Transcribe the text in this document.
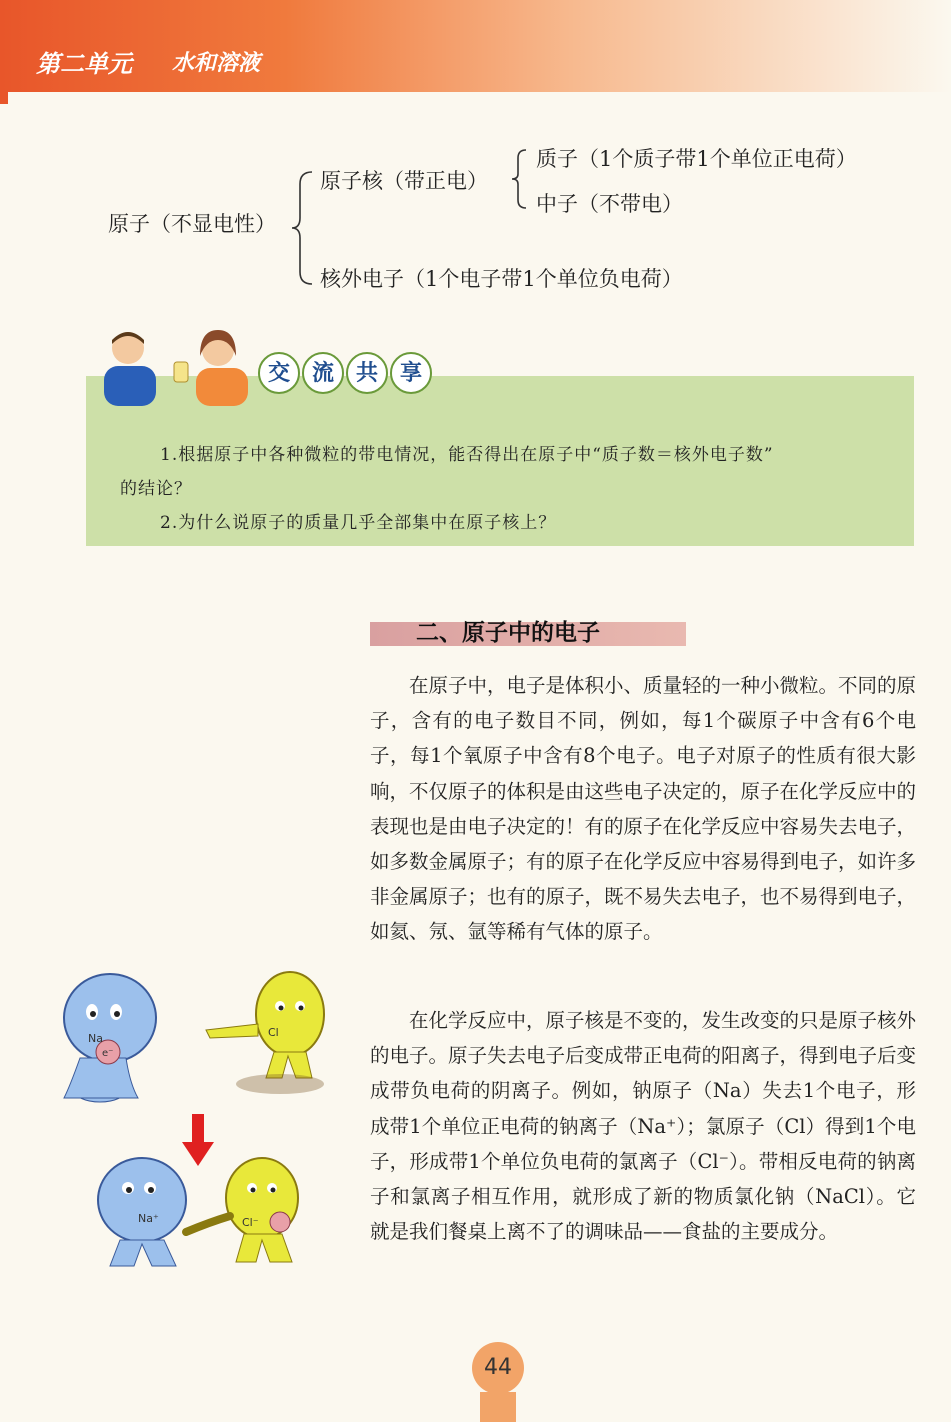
第二单元 水和溶液
原子（不显电性）
原子核（带正电）
质子（1个质子带1个单位正电荷）
中子（不带电）
核外电子（1个电子带1个单位负电荷）
1.根据原子中各种微粒的带电情况，能否得出在原子中“质子数＝核外电子数”
的结论？
2.为什么说原子的质量几乎全部集中在原子核上？
交 流 共 享
二、原子中的电子
在原子中，电子是体积小、质量轻的一种小微粒。不同的原子，含有的电子数目不同，例如，每1个碳原子中含有6个电子，每1个氧原子中含有8个电子。电子对原子的性质有很大影响，不仅原子的体积是由这些电子决定的，原子在化学反应中的表现也是由电子决定的！有的原子在化学反应中容易失去电子，如多数金属原子；有的原子在化学反应中容易得到电子，如许多非金属原子；也有的原子，既不易失去电子，也不易得到电子，如氦、氖、氩等稀有气体的原子。
在化学反应中，原子核是不变的，发生改变的只是原子核外的电子。原子失去电子后变成带正电荷的阳离子，得到电子后变成带负电荷的阴离子。例如，钠原子（Na）失去1个电子，形成带1个单位正电荷的钠离子（Na⁺）；氯原子（Cl）得到1个电子，形成带1个单位负电荷的氯离子（Cl⁻）。带相反电荷的钠离子和氯离子相互作用，就形成了新的物质氯化钠（NaCl）。它就是我们餐桌上离不了的调味品——食盐的主要成分。
Na
e⁻
Cl
Na⁺	Cl⁻
44
